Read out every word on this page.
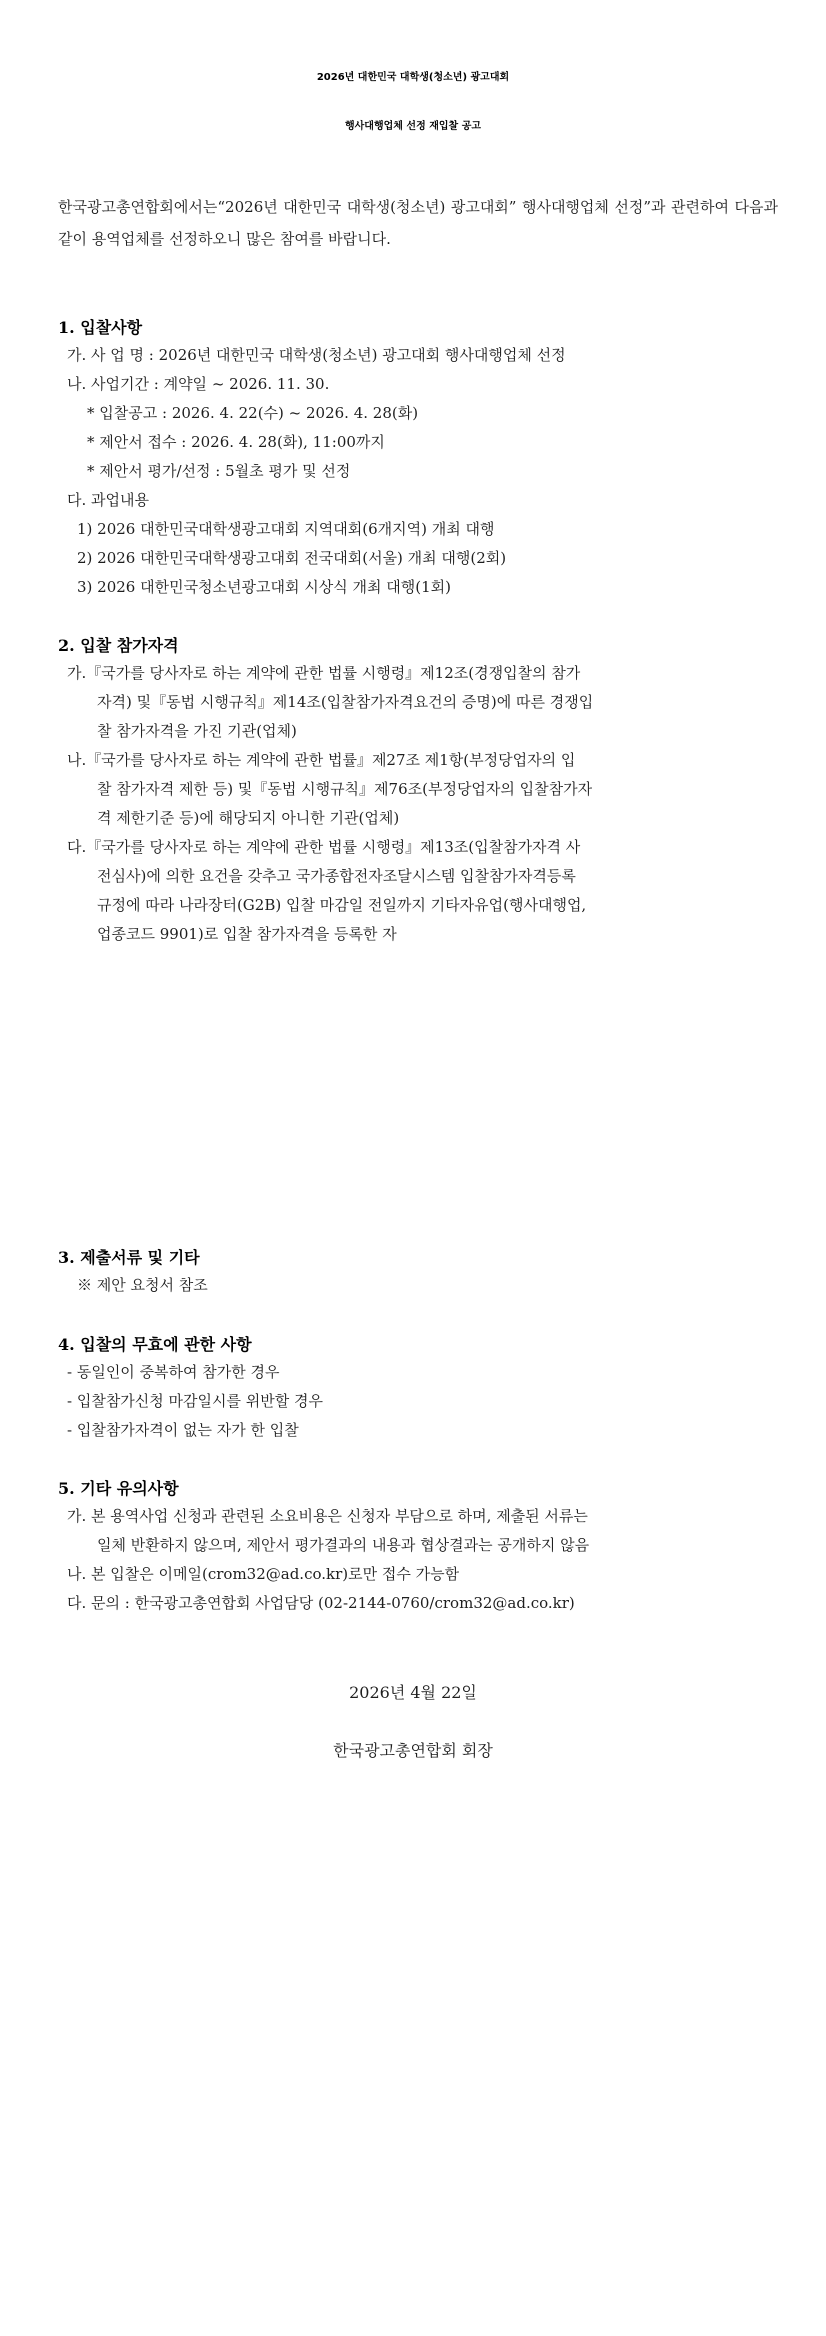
2026년 대한민국 대학생(청소년) 광고대회
행사대행업체 선정 재입찰 공고
한국광고총연합회에서는“2026년 대한민국 대학생(청소년) 광고대회” 행사대행업체 선정”과 관련하여 다음과 같이 용역업체를 선정하오니 많은 참여를 바랍니다.
1. 입찰사항
가. 사 업 명 : 2026년 대한민국 대학생(청소년) 광고대회 행사대행업체 선정
나. 사업기간 : 계약일 ~ 2026. 11. 30.
* 입찰공고 : 2026. 4. 22(수) ~ 2026. 4. 28(화)
* 제안서 접수 : 2026. 4. 28(화), 11:00까지
* 제안서 평가/선정 : 5월초 평가 및 선정
다. 과업내용
1) 2026 대한민국대학생광고대회 지역대회(6개지역) 개최 대행
2) 2026 대한민국대학생광고대회 전국대회(서울) 개최 대행(2회)
3) 2026 대한민국청소년광고대회 시상식 개최 대행(1회)
2. 입찰 참가자격
가.『국가를 당사자로 하는 계약에 관한 법률 시행령』제12조(경쟁입찰의 참가
자격) 및『동법 시행규칙』제14조(입찰참가자격요건의 증명)에 따른 경쟁입
찰 참가자격을 가진 기관(업체)
나.『국가를 당사자로 하는 계약에 관한 법률』제27조 제1항(부정당업자의 입
찰 참가자격 제한 등) 및『동법 시행규칙』제76조(부정당업자의 입찰참가자
격 제한기준 등)에 해당되지 아니한 기관(업체)
다.『국가를 당사자로 하는 계약에 관한 법률 시행령』제13조(입찰참가자격 사
전심사)에 의한 요건을 갖추고 국가종합전자조달시스템 입찰참가자격등록
규정에 따라 나라장터(G2B) 입찰 마감일 전일까지 기타자유업(행사대행업,
업종코드 9901)로 입찰 참가자격을 등록한 자
3. 제출서류 및 기타
※ 제안 요청서 참조
4. 입찰의 무효에 관한 사항
- 동일인이 중복하여 참가한 경우
- 입찰참가신청 마감일시를 위반할 경우
- 입찰참가자격이 없는 자가 한 입찰
5. 기타 유의사항
가. 본 용역사업 신청과 관련된 소요비용은 신청자 부담으로 하며, 제출된 서류는
일체 반환하지 않으며, 제안서 평가결과의 내용과 협상결과는 공개하지 않음
나. 본 입찰은 이메일(crom32@ad.co.kr)로만 접수 가능함
다. 문의 : 한국광고총연합회 사업담당 (02-2144-0760/crom32@ad.co.kr)
2026년 4월 22일
한국광고총연합회 회장
